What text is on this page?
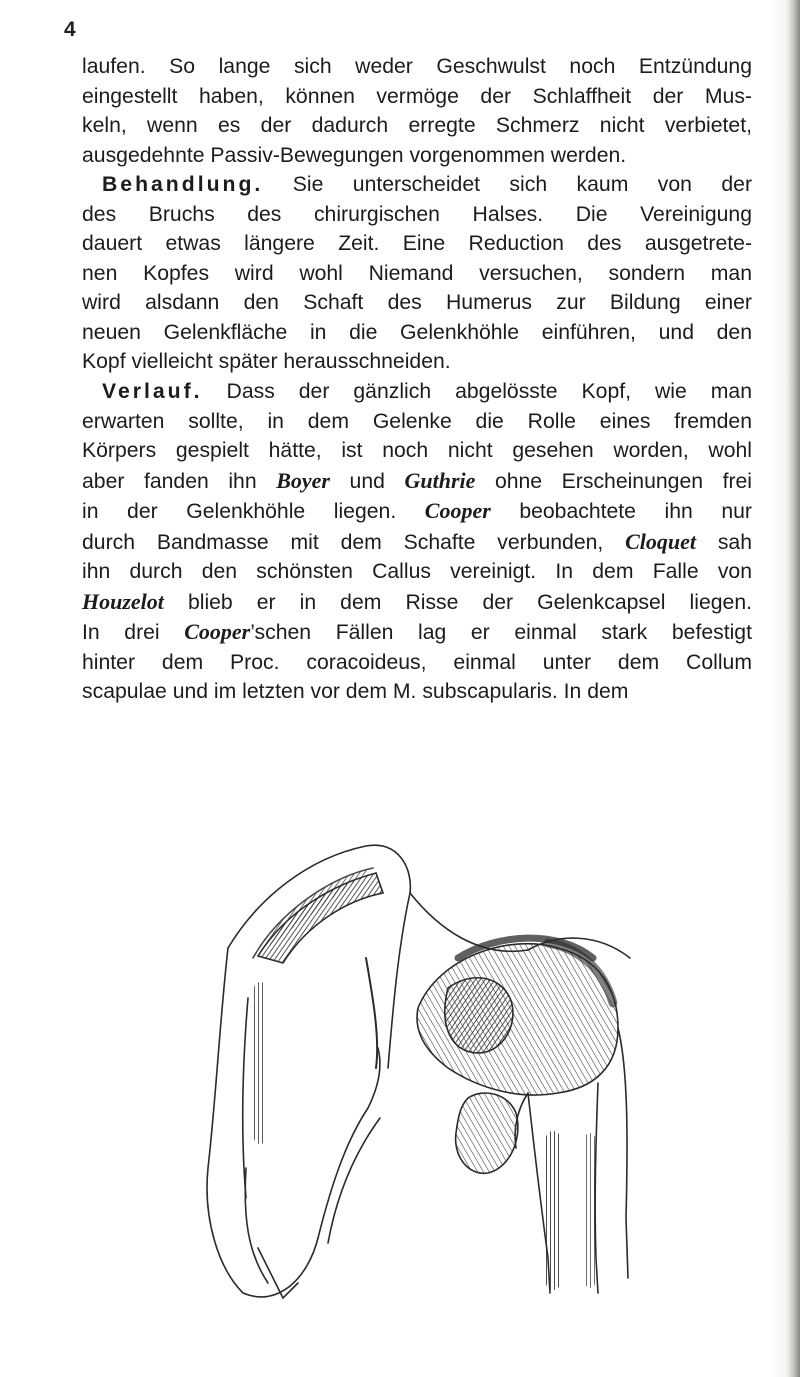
4
laufen. So lange sich weder Geschwulst noch Entzündung
eingestellt haben, können vermöge der Schlaffheit der Mus-
keln, wenn es der dadurch erregte Schmerz nicht verbietet,
ausgedehnte Passiv-Bewegungen vorgenommen werden.
Behandlung. Sie unterscheidet sich kaum von der
des Bruchs des chirurgischen Halses. Die Vereinigung
dauert etwas längere Zeit. Eine Reduction des ausgetrete-
nen Kopfes wird wohl Niemand versuchen, sondern man
wird alsdann den Schaft des Humerus zur Bildung einer
neuen Gelenkfläche in die Gelenkhöhle einführen, und den
Kopf vielleicht später herausschneiden.
Verlauf. Dass der gänzlich abgelösste Kopf, wie man
erwarten sollte, in dem Gelenke die Rolle eines fremden
Körpers gespielt hätte, ist noch nicht gesehen worden, wohl
aber fanden ihn Boyer und Guthrie ohne Erscheinungen frei
in der Gelenkhöhle liegen. Cooper beobachtete ihn nur
durch Bandmasse mit dem Schafte verbunden, Cloquet sah
ihn durch den schönsten Callus vereinigt. In dem Falle von
Houzelot blieb er in dem Risse der Gelenkcapsel liegen.
In drei Cooper’schen Fällen lag er einmal stark befestigt
hinter dem Proc. coracoideus, einmal unter dem Collum
scapulae und im letzten vor dem M. subscapularis. In dem
